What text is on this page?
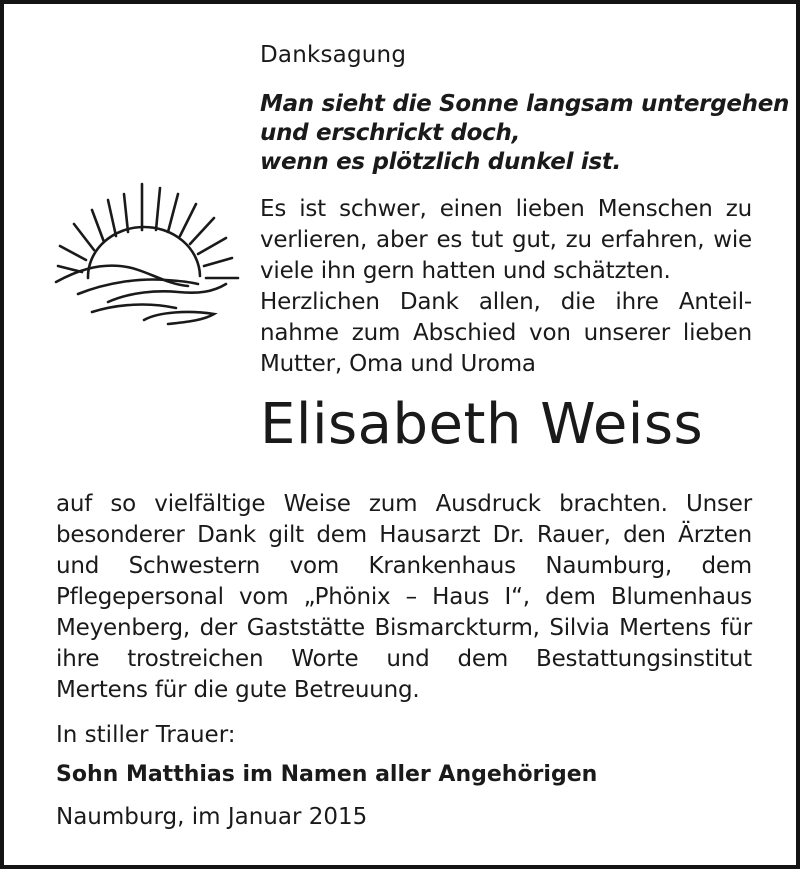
Danksagung
Man sieht die Sonne langsam untergehen
und erschrickt doch,
wenn es plötzlich dunkel ist.
Es ist schwer, einen lieben Menschen zu
verlieren, aber es tut gut, zu erfahren, wie
viele ihn gern hatten und schätzten.
Herzlichen Dank allen, die ihre Anteil-
nahme zum Abschied von unserer lieben
Mutter, Oma und Uroma
Elisabeth Weiss
auf so vielfältige Weise zum Ausdruck brachten. Unser
besonderer Dank gilt dem Hausarzt Dr. Rauer, den Ärzten
und Schwestern vom Krankenhaus Naumburg, dem
Pflegepersonal vom „Phönix – Haus I“, dem Blumenhaus
Meyenberg, der Gaststätte Bismarckturm, Silvia Mertens für
ihre trostreichen Worte und dem Bestattungsinstitut
Mertens für die gute Betreuung.
In stiller Trauer:
Sohn Matthias im Namen aller Angehörigen
Naumburg, im Januar 2015
